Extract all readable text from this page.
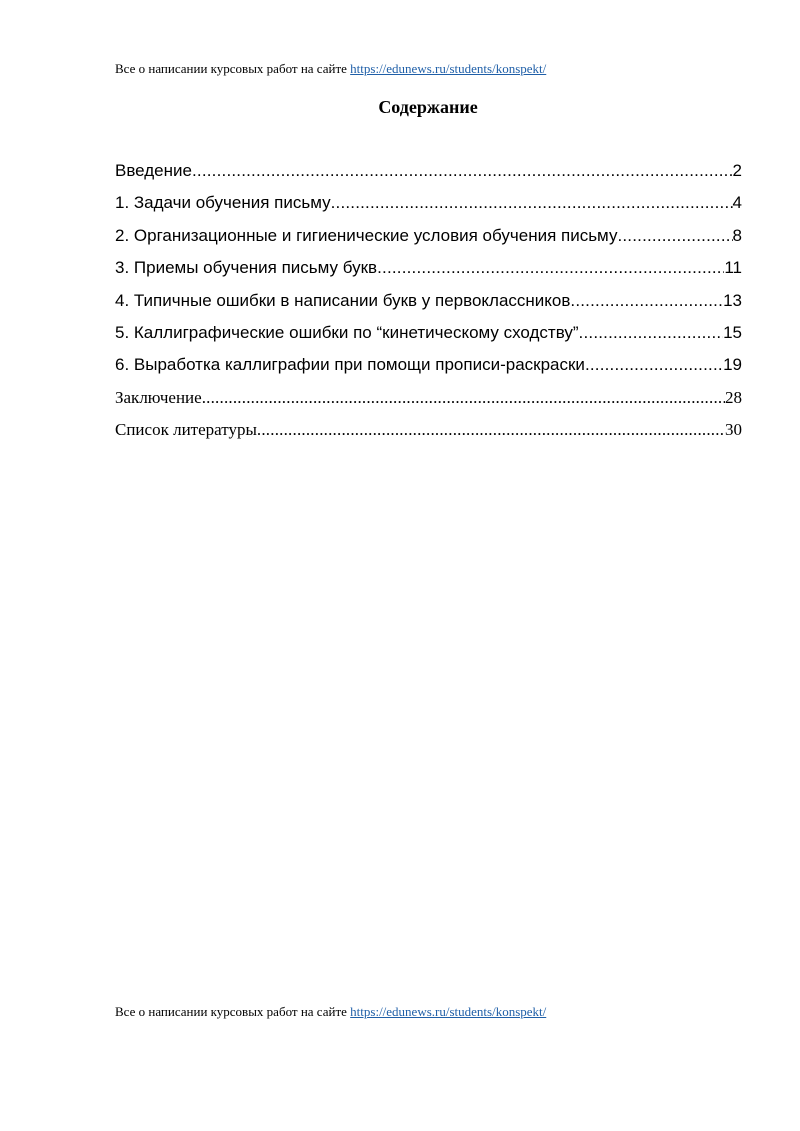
Все о написании курсовых работ на сайте https://edunews.ru/students/konspekt/
Содержание
Введение .....	2
1. Задачи обучения письму .....	4
2. Организационные и гигиенические условия обучения письму .....	8
3. Приемы обучения письму букв .....	11
4. Типичные ошибки в написании букв у первоклассников .....	13
5. Каллиграфические ошибки по “кинетическому сходству” .....	15
6. Выработка каллиграфии при помощи прописи-раскраски .....	19
Заключение .....	28
Список литературы .....	30
Все о написании курсовых работ на сайте https://edunews.ru/students/konspekt/
